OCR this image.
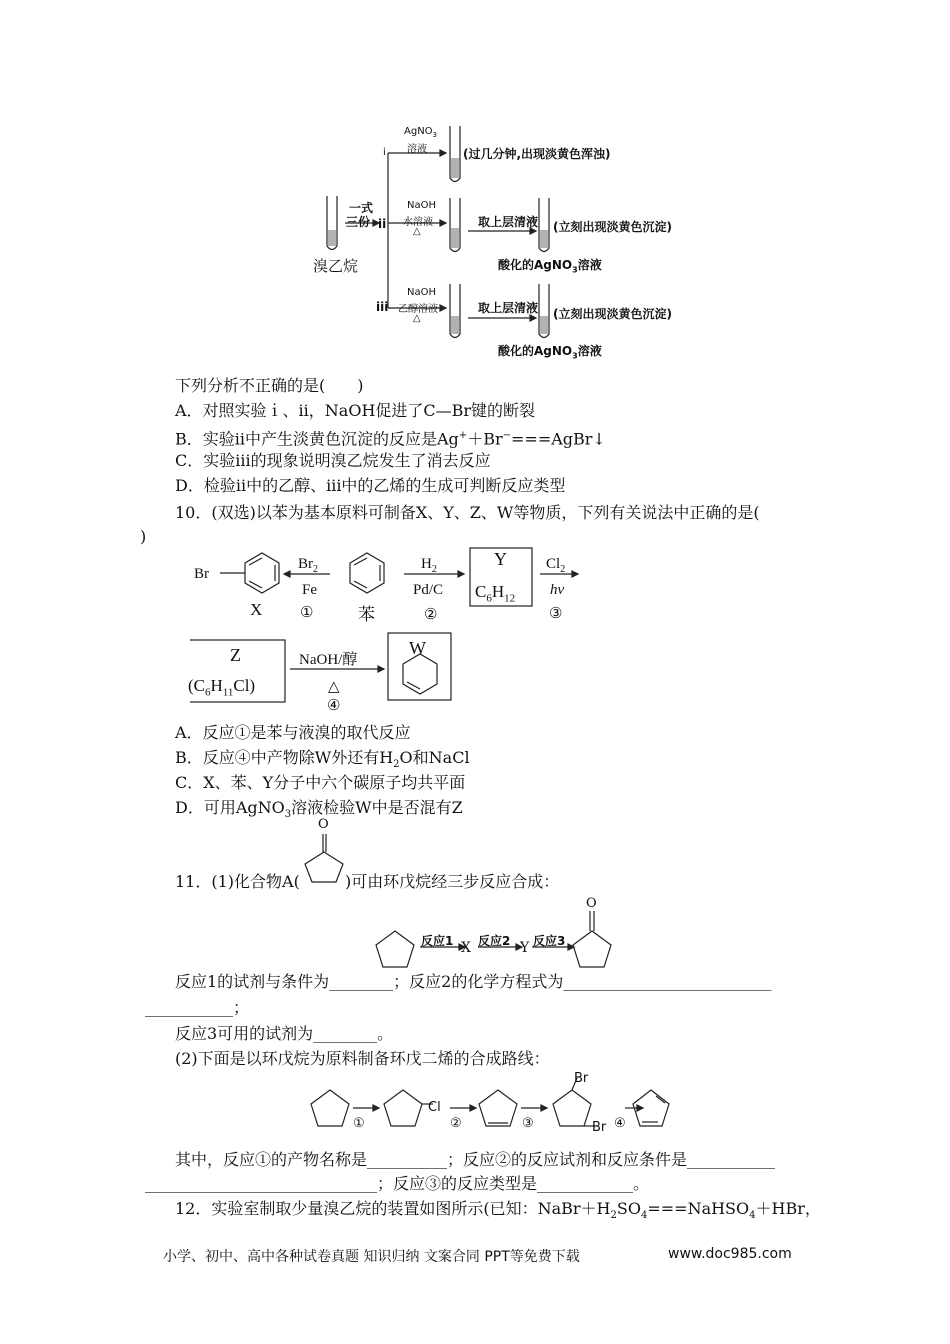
AgNO$_3$
溶液	(过几分钟,出现淡黄色浑浊)
i
一式
三份 ii
溴乙烷
NaOH
水溶液
△
取上层清液 (立刻出现淡黄色沉淀)
酸化的AgNO$_3$溶液
iii
NaOH
乙醇溶液
△
取上层清液 (立刻出现淡黄色沉淀)
酸化的AgNO$_3$溶液
下列分析不正确的是(　　)
A．对照实验ｉ、ⅱ，NaOH促进了C—Br键的断裂
B．实验ⅱ中产生淡黄色沉淀的反应是Ag+＋Br−===AgBr↓
C．实验ⅲ的现象说明溴乙烷发生了消去反应
D．检验ⅱ中的乙醇、ⅲ中的乙烯的生成可判断反应类型
10．(双选)以苯为基本原料可制备X、Y、Z、W等物质，下列有关说法中正确的是(
)
Br
X
$Br_2$
Fe
①	苯
$H_2$
Pd/C
②
Y
$C_6H_{12}$
$Cl_2$
hν
③
Z
$(C_6H_{11}Cl)$
NaOH/醇
△
④
W
A．反应①是苯与液溴的取代反应
B．反应④中产物除W外还有$H_2O$和NaCl
C．X、苯、Y分子中六个碳原子均共平面
D．可用AgNO$_3$溶液检验W中是否混有Z
O
11．(1)化合物A(	)可由环戊烷经三步反应合成：
反应1 X 反应2 Y 反应3
O
反应1的试剂与条件为________；反应2的化学方程式为__________________________
___________；
反应3可用的试剂为________。
(2)下面是以环戊烷为原料制备环戊二烯的合成路线：
Cl
Br
Br
①	②	③	④
其中，反应①的产物名称是__________；反应②的反应试剂和反应条件是___________
_____________________________；反应③的反应类型是____________。
12．实验室制取少量溴乙烷的装置如图所示(已知：$NaBr+H_2SO_4===NaHSO_4+HBr$，
小学、初中、高中各种试卷真题 知识归纳 文案合同 PPT等免费下载	www.doc985.com
